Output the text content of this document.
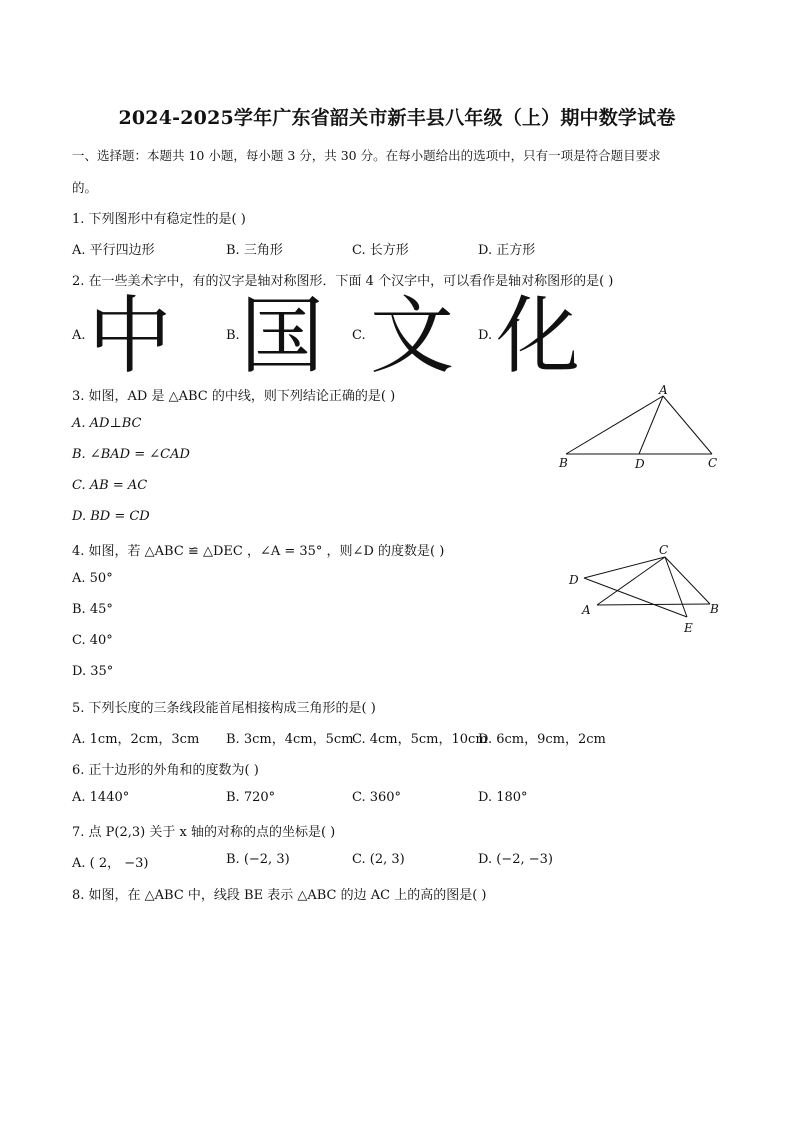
2024-2025学年广东省韶关市新丰县八年级（上）期中数学试卷
一、选择题：本题共 10 小题，每小题 3 分，共 30 分。在每小题给出的选项中，只有一项是符合题目要求
的。
1. 下列图形中有稳定性的是( )
A. 平行四边形	B. 三角形	C. 长方形	D. 正方形
2. 在一些美术字中，有的汉字是轴对称图形．下面 4 个汉字中，可以看作是轴对称图形的是( )
A. 中	B. 国 C. 文 D. 化
3. 如图，AD 是 △ABC 的中线，则下列结论正确的是( )
A. AD⊥BC
B. ∠BAD = ∠CAD
C. AB = AC
D. BD = CD
A
B	D	C
4. 如图，若 △ABC ≌ △DEC ，∠A = 35° ，则∠D 的度数是( )
A. 50°
B. 45°
C. 40°
D. 35°
C
D
A	B
E
5. 下列长度的三条线段能首尾相接构成三角形的是( )
A. 1cm，2cm，3cm B. 3cm，4cm，5cm
C. 4cm，5cm，10cm
D. 6cm，9cm，2cm
6. 正十边形的外角和的度数为( )
A. 1440°	B. 720°	C. 360°	D. 180°
7. 点 P(2,3) 关于 x 轴的对称的点的坐标是( )
A. ( 2， −3)	B. (−2, 3)	C. (2, 3)	D. (−2, −3)
8. 如图，在 △ABC 中，线段 BE 表示 △ABC 的边 AC 上的高的图是( )
